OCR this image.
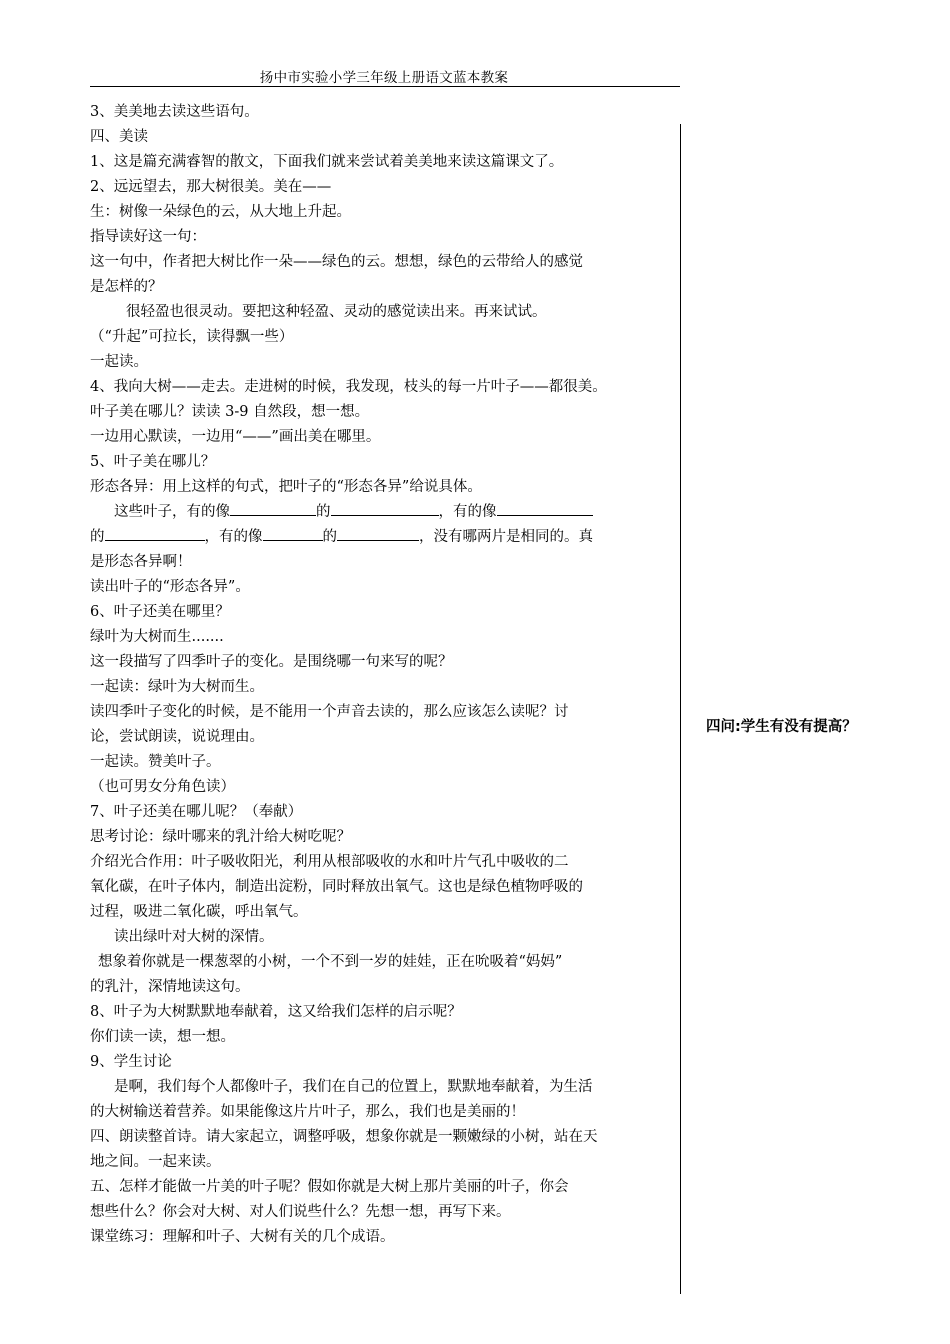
扬中市实验小学三年级上册语文蓝本教案
3、美美地去读这些语句。
四、美读
1、这是篇充满睿智的散文，下面我们就来尝试着美美地来读这篇课文了。
2、远远望去，那大树很美。美在——
生：树像一朵绿色的云，从大地上升起。
指导读好这一句：
这一句中，作者把大树比作一朵——绿色的云。想想，绿色的云带给人的感觉
是怎样的？
很轻盈也很灵动。要把这种轻盈、灵动的感觉读出来。再来试试。
（“升起”可拉长，读得飘一些）
一起读。
4、我向大树——走去。走进树的时候，我发现，枝头的每一片叶子——都很美。
叶子美在哪儿？读读 3-9 自然段，想一想。
一边用心默读，一边用“——”画出美在哪里。
5、叶子美在哪儿？
形态各异：用上这样的句式，把叶子的“形态各异”给说具体。
这些叶子，有的像	的	，有的像
的	，有的像	的	，没有哪两片是相同的。真
是形态各异啊！
读出叶子的“形态各异”。
6、叶子还美在哪里？
绿叶为大树而生.......
这一段描写了四季叶子的变化。是围绕哪一句来写的呢？
一起读：绿叶为大树而生。
读四季叶子变化的时候，是不能用一个声音去读的，那么应该怎么读呢？讨
论，尝试朗读，说说理由。
一起读。赞美叶子。
（也可男女分角色读）
7、叶子还美在哪儿呢？（奉献）
思考讨论：绿叶哪来的乳汁给大树吃呢？
介绍光合作用：叶子吸收阳光，利用从根部吸收的水和叶片气孔中吸收的二
氧化碳，在叶子体内，制造出淀粉，同时释放出氧气。这也是绿色植物呼吸的
过程，吸进二氧化碳，呼出氧气。
读出绿叶对大树的深情。
想象着你就是一棵葱翠的小树，一个不到一岁的娃娃，正在吮吸着“妈妈”
的乳汁，深情地读这句。
8、叶子为大树默默地奉献着，这又给我们怎样的启示呢？
你们读一读，想一想。
9、学生讨论
是啊，我们每个人都像叶子，我们在自己的位置上，默默地奉献着，为生活
的大树输送着营养。如果能像这片片叶子，那么，我们也是美丽的！
四、朗读整首诗。请大家起立，调整呼吸，想象你就是一颗嫩绿的小树，站在天
地之间。一起来读。
五、怎样才能做一片美的叶子呢？假如你就是大树上那片美丽的叶子，你会
想些什么？你会对大树、对人们说些什么？先想一想，再写下来。
课堂练习：理解和叶子、大树有关的几个成语。
四问:学生有没有提高？
